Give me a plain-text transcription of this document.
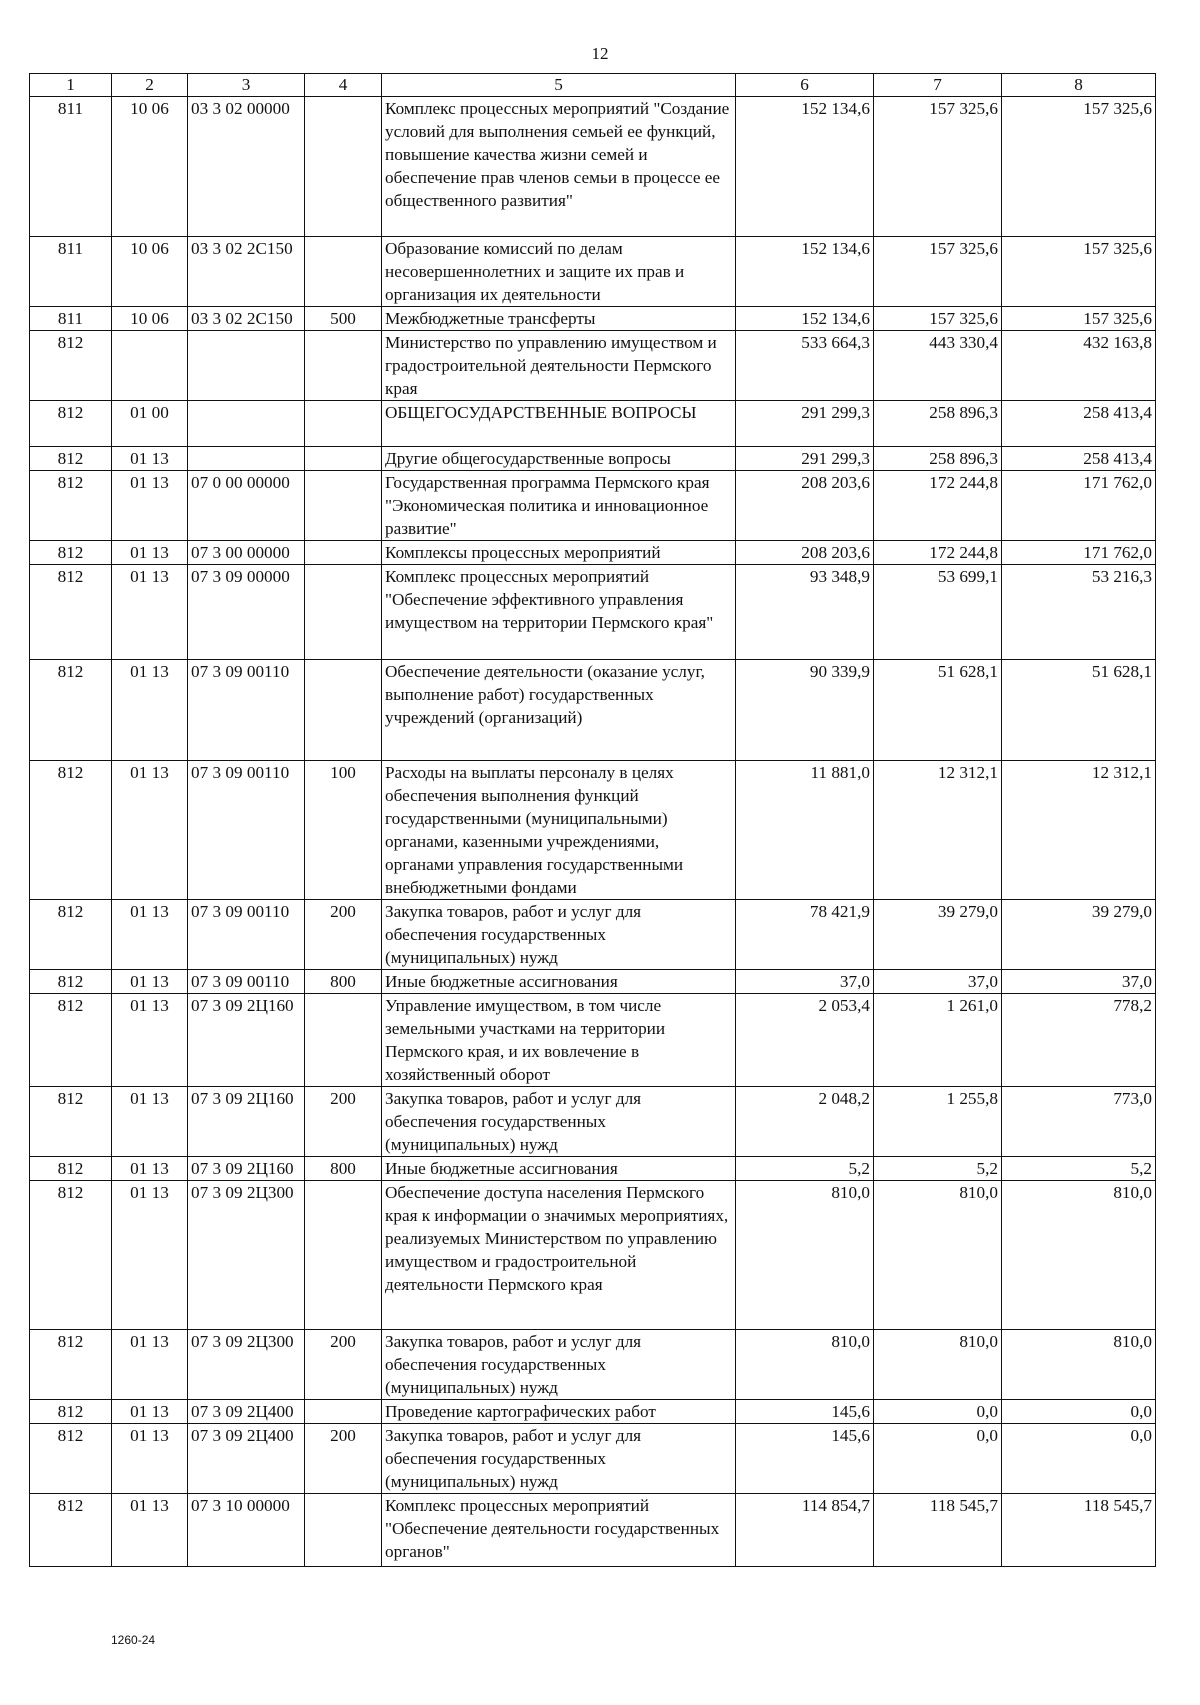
12
1	2	3	4	5	6	7	8
811	10 06	03 3 02 00000		Комплекс процессных мероприятий "Создание условий для выполнения семьей ее функций, повышение качества жизни семей и обеспечение прав членов семьи в процессе ее общественного развития"	152 134,6	157 325,6	157 325,6
811	10 06	03 3 02 2С150		Образование комиссий по делам несовершеннолетних и защите их прав и организация их деятельности	152 134,6	157 325,6	157 325,6
811	10 06	03 3 02 2С150	500	Межбюджетные трансферты	152 134,6	157 325,6	157 325,6
812				Министерство по управлению имуществом и градостроительной деятельности Пермского края	533 664,3	443 330,4	432 163,8
812	01 00			ОБЩЕГОСУДАРСТВЕННЫЕ ВОПРОСЫ	291 299,3	258 896,3	258 413,4
812	01 13			Другие общегосударственные вопросы	291 299,3	258 896,3	258 413,4
812	01 13	07 0 00 00000		Государственная программа Пермского края "Экономическая политика и инновационное развитие"	208 203,6	172 244,8	171 762,0
812	01 13	07 3 00 00000		Комплексы процессных мероприятий	208 203,6	172 244,8	171 762,0
812	01 13	07 3 09 00000		Комплекс процессных мероприятий "Обеспечение эффективного управления имуществом на территории Пермского края"	93 348,9	53 699,1	53 216,3
812	01 13	07 3 09 00110		Обеспечение деятельности (оказание услуг, выполнение работ) государственных учреждений (организаций)	90 339,9	51 628,1	51 628,1
812	01 13	07 3 09 00110	100	Расходы на выплаты персоналу в целях обеспечения выполнения функций государственными (муниципальными) органами, казенными учреждениями, органами управления государственными внебюджетными фондами	11 881,0	12 312,1	12 312,1
812	01 13	07 3 09 00110	200	Закупка товаров, работ и услуг для обеспечения государственных (муниципальных) нужд	78 421,9	39 279,0	39 279,0
812	01 13	07 3 09 00110	800	Иные бюджетные ассигнования	37,0	37,0	37,0
812	01 13	07 3 09 2Ц160		Управление имуществом, в том числе земельными участками на территории Пермского края, и их вовлечение в хозяйственный оборот	2 053,4	1 261,0	778,2
812	01 13	07 3 09 2Ц160	200	Закупка товаров, работ и услуг для обеспечения государственных (муниципальных) нужд	2 048,2	1 255,8	773,0
812	01 13	07 3 09 2Ц160	800	Иные бюджетные ассигнования	5,2	5,2	5,2
812	01 13	07 3 09 2Ц300		Обеспечение доступа населения Пермского края к информации о значимых мероприятиях, реализуемых Министерством по управлению имуществом и градостроительной деятельности Пермского края	810,0	810,0	810,0
812	01 13	07 3 09 2Ц300	200	Закупка товаров, работ и услуг для обеспечения государственных (муниципальных) нужд	810,0	810,0	810,0
812	01 13	07 3 09 2Ц400		Проведение картографических работ	145,6	0,0	0,0
812	01 13	07 3 09 2Ц400	200	Закупка товаров, работ и услуг для обеспечения государственных (муниципальных) нужд	145,6	0,0	0,0
812	01 13	07 3 10 00000		Комплекс процессных мероприятий "Обеспечение деятельности государственных органов"	114 854,7	118 545,7	118 545,7
1260-24
